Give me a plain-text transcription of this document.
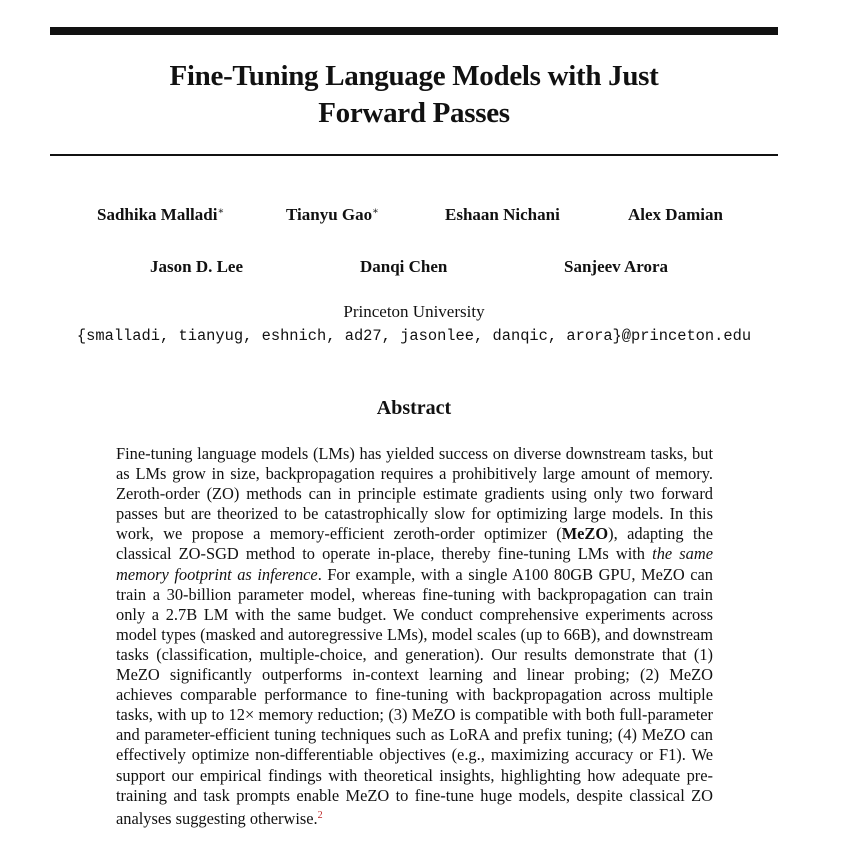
Fine-Tuning Language Models with Just
Forward Passes
Sadhika Malladi∗	Tianyu Gao∗	Eshaan Nichani	Alex Damian
Jason D. Lee	Danqi Chen	Sanjeev Arora
Princeton University
{smalladi, tianyug, eshnich, ad27, jasonlee, danqic, arora}@princeton.edu
Abstract
Fine-tuning language models (LMs) has yielded success on diverse downstream tasks, but as LMs grow in size, backpropagation requires a prohibitively large amount of memory. Zeroth-order (ZO) methods can in principle estimate gradients using only two forward passes but are theorized to be catastrophically slow for optimizing large models. In this work, we propose a memory-efficient zeroth-order optimizer (MeZO), adapting the classical ZO-SGD method to operate in-place, thereby fine-tuning LMs with the same memory footprint as inference. For example, with a single A100 80GB GPU, MeZO can train a 30-billion parameter model, whereas fine-tuning with backpropagation can train only a 2.7B LM with the same budget. We conduct comprehensive experiments across model types (masked and autoregressive LMs), model scales (up to 66B), and downstream tasks (classification, multiple-choice, and generation). Our results demonstrate that (1) MeZO significantly outperforms in-context learning and linear probing; (2) MeZO achieves comparable performance to fine-tuning with backpropagation across multiple tasks, with up to 12× memory reduction; (3) MeZO is compatible with both full-parameter and parameter-efficient tuning techniques such as LoRA and prefix tuning; (4) MeZO can effectively optimize non-differentiable objectives (e.g., maximizing accuracy or F1). We support our empirical findings with theoretical insights, highlighting how adequate pre-training and task prompts enable MeZO to fine-tune huge models, despite classical ZO analyses suggesting otherwise.$^2$
